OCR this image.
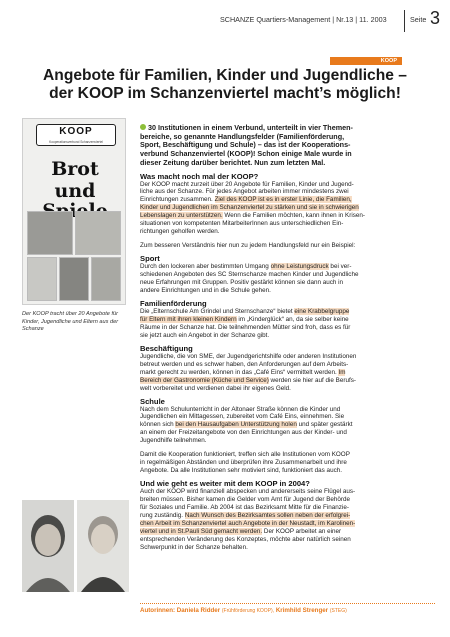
SCHANZE Quartiers-Management | Nr.13 | 11. 2003	Seite 3
KOOP
Angebote für Familien, Kinder und Jugendliche –
der KOOP im Schanzenviertel macht’s möglich!
KOOP
Kooperationsverbund Schanzenviertel
Brot
und
Der KOOP tracht über 20 Angebote für Kinder, Jugendliche und Eltern aus der Schanze
30 Institutionen in einem Verbund, unterteilt in vier Themen-
bereiche, so genannte Handlungsfelder (Familienförderung,
Sport, Beschäftigung und Schule) – das ist der Kooperations-
verbund Schanzenviertel (KOOP)! Schon einige Male wurde in
dieser Zeitung darüber berichtet. Nun zum letzten Mal.
Was macht noch mal der KOOP?
Der KOOP macht zurzeit über 20 Angebote für Familien, Kinder und Jugend-
liche aus der Schanze. Für jedes Angebot arbeiten immer mindestens zwei
Einrichtungen zusammen. Ziel des KOOP ist es in erster Linie, die Familien,
Kinder und Jugendlichen im Schanzenviertel zu stärken und sie in schwierigen
Lebenslagen zu unterstützen. Wenn die Familien möchten, kann ihnen in Krisen-
situationen von kompetenten MitarbeiterInnen aus unterschiedlichen Ein-
richtungen geholfen werden.
Zum besseren Verständnis hier nun zu jedem Handlungsfeld nur ein Beispiel:
Sport
Durch den lockeren aber bestimmten Umgang ohne Leistungsdruck bei ver-
schiedenen Angeboten des SC Sternschanze machen Kinder und Jugendliche
neue Erfahrungen mit Gruppen. Positiv gestärkt können sie dann auch in
andere Einrichtungen und in die Schule gehen.
Familienförderung
Die „Elternschule Am Grindel und Sternschanze“ bietet eine Krabbelgruppe
für Eltern mit ihren kleinen Kindern im „Kinderglück“ an, da sie selber keine
Räume in der Schanze hat. Die teilnehmenden Mütter sind froh, dass es für
sie jetzt auch ein Angebot in der Schanze gibt.
Beschäftigung
Jugendliche, die von SME, der Jugendgerichtshilfe oder anderen Institutionen
betreut werden und es schwer haben, den Anforderungen auf dem Arbeits-
markt gerecht zu werden, können in das „Café Eins“ vermittelt werden. Im
Bereich der Gastronomie (Küche und Service) werden sie hier auf die Berufs-
welt vorbereitet und verdienen dabei ihr eigenes Geld.
Schule
Nach dem Schulunterricht in der Altonaer Straße können die Kinder und
Jugendlichen ein Mittagessen, zubereitet vom Café Eins, einnehmen. Sie
können sich bei den Hausaufgaben Unterstützung holen und später gestärkt
an einem der Freizeitangebote von den Einrichtungen aus der Kinder- und
Jugendhilfe teilnehmen.
Damit die Kooperation funktioniert, treffen sich alle Institutionen vom KOOP
in regelmäßigen Abständen und überprüfen ihre Zusammenarbeit und ihre
Angebote. Da alle Institutionen sehr motiviert sind, funktioniert das auch.
Und wie geht es weiter mit dem KOOP in 2004?
Auch der KOOP wird finanziell abspecken und andererseits seine Flügel aus-
breiten müssen. Bisher kamen die Gelder vom Amt für Jugend der Behörde
für Soziales und Familie. Ab 2004 ist das Bezirksamt Mitte für die Finanzie-
rung zuständig. Nach Wunsch des Bezirksamtes sollen neben der erfolgrei-
chen Arbeit im Schanzenviertel auch Angebote in der Neustadt, im Karolinen-
viertel und in St.Pauli Süd gemacht werden. Der KOOP arbeitet an einer
entsprechenden Veränderung des Konzeptes, möchte aber natürlich seinen
Schwerpunkt in der Schanze behalten.
Autorinnen: Daniela Ridder (Frühförderung KOOP), Krimhild Strenger (STEG)
